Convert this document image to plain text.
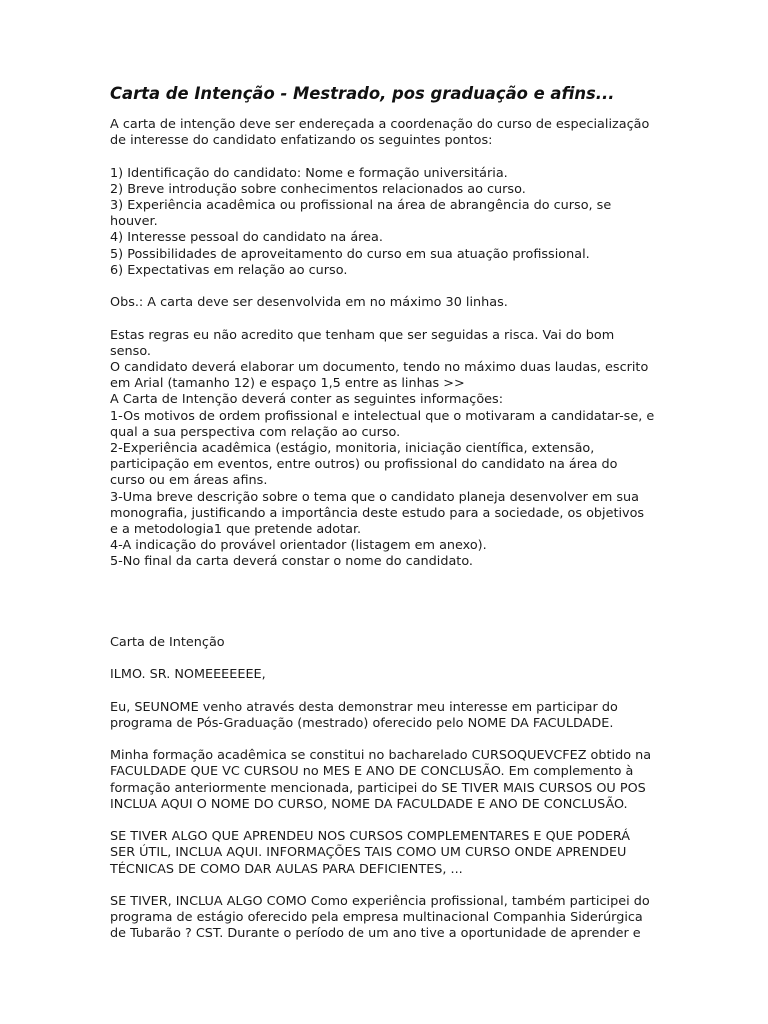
Carta de Intenção - Mestrado, pos graduação e afins...
A carta de intenção deve ser endereçada a coordenação do curso de especialização
de interesse do candidato enfatizando os seguintes pontos:
1) Identificação do candidato: Nome e formação universitária.
2) Breve introdução sobre conhecimentos relacionados ao curso.
3) Experiência acadêmica ou profissional na área de abrangência do curso, se
houver.
4) Interesse pessoal do candidato na área.
5) Possibilidades de aproveitamento do curso em sua atuação profissional.
6) Expectativas em relação ao curso.
Obs.: A carta deve ser desenvolvida em no máximo 30 linhas.
Estas regras eu não acredito que tenham que ser seguidas a risca. Vai do bom
senso.
O candidato deverá elaborar um documento, tendo no máximo duas laudas, escrito
em Arial (tamanho 12) e espaço 1,5 entre as linhas >>
A Carta de Intenção deverá conter as seguintes informações:
1-Os motivos de ordem profissional e intelectual que o motivaram a candidatar-se, e
qual a sua perspectiva com relação ao curso.
2-Experiência acadêmica (estágio, monitoria, iniciação científica, extensão,
participação em eventos, entre outros) ou profissional do candidato na área do
curso ou em áreas afins.
3-Uma breve descrição sobre o tema que o candidato planeja desenvolver em sua
monografia, justificando a importância deste estudo para a sociedade, os objetivos
e a metodologia1 que pretende adotar.
4-A indicação do provável orientador (listagem em anexo).
5-No final da carta deverá constar o nome do candidato.
Carta de Intenção
ILMO. SR. NOMEEEEEEE,
Eu, SEUNOME venho através desta demonstrar meu interesse em participar do
programa de Pós-Graduação (mestrado) oferecido pelo NOME DA FACULDADE.
Minha formação acadêmica se constitui no bacharelado CURSOQUEVCFEZ obtido na
FACULDADE QUE VC CURSOU no MES E ANO DE CONCLUSÃO. Em complemento à
formação anteriormente mencionada, participei do SE TIVER MAIS CURSOS OU POS
INCLUA AQUI O NOME DO CURSO, NOME DA FACULDADE E ANO DE CONCLUSÃO.
SE TIVER ALGO QUE APRENDEU NOS CURSOS COMPLEMENTARES E QUE PODERÁ
SER ÚTIL, INCLUA AQUI. INFORMAÇÕES TAIS COMO UM CURSO ONDE APRENDEU
TÉCNICAS DE COMO DAR AULAS PARA DEFICIENTES, ...
SE TIVER, INCLUA ALGO COMO Como experiência profissional, também participei do
programa de estágio oferecido pela empresa multinacional Companhia Siderúrgica
de Tubarão ? CST. Durante o período de um ano tive a oportunidade de aprender e
